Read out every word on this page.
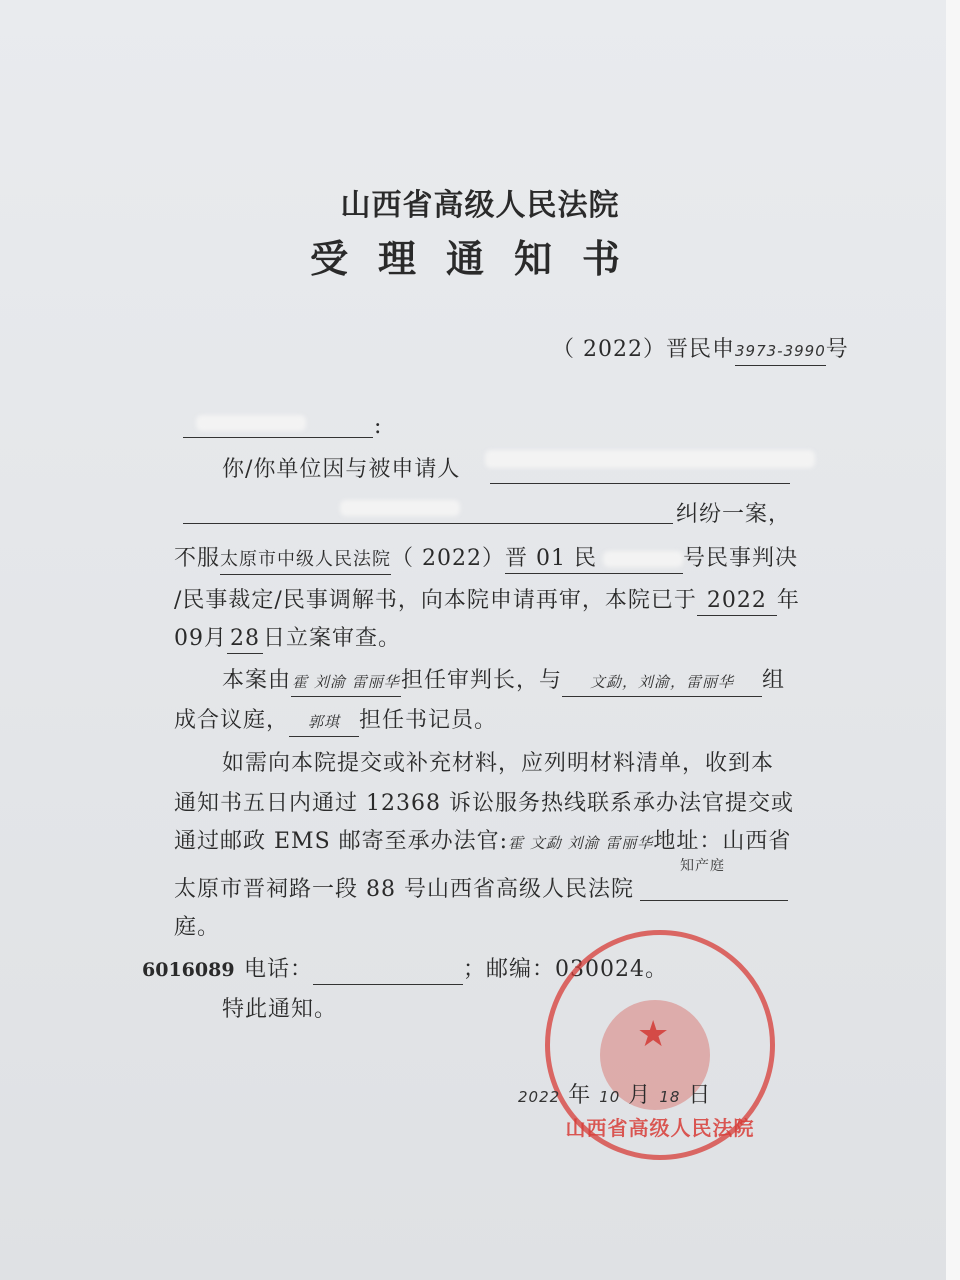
山西省高级人民法院
受理通知书
（ 2022）晋民申3973-3990号
:
你/你单位因与被申请人
纠纷一案，
不服太原市中级人民法院（ 2022）晋 01 民	号民事判决
/民事裁定/民事调解书，向本院申请再审，本院已于 2022 年
09月 28 日立案审查。
本案由霍 刘渝 雷丽华担任审判长，与 文勐，刘渝，雷丽华 组
成合议庭， 郭琪 担任书记员。
如需向本院提交或补充材料，应列明材料清单，收到本
通知书五日内通过 12368 诉讼服务热线联系承办法官提交或
通过邮政 EMS 邮寄至承办法官:霍 文勐 刘渝 雷丽华地址：山西省
知产庭
太原市晋祠路一段 88 号山西省高级人民法院
庭。
6016089 电话：	；邮编：030024。
特此通知。
★
山西省高级人民法院
2022 年 10 月 18 日
